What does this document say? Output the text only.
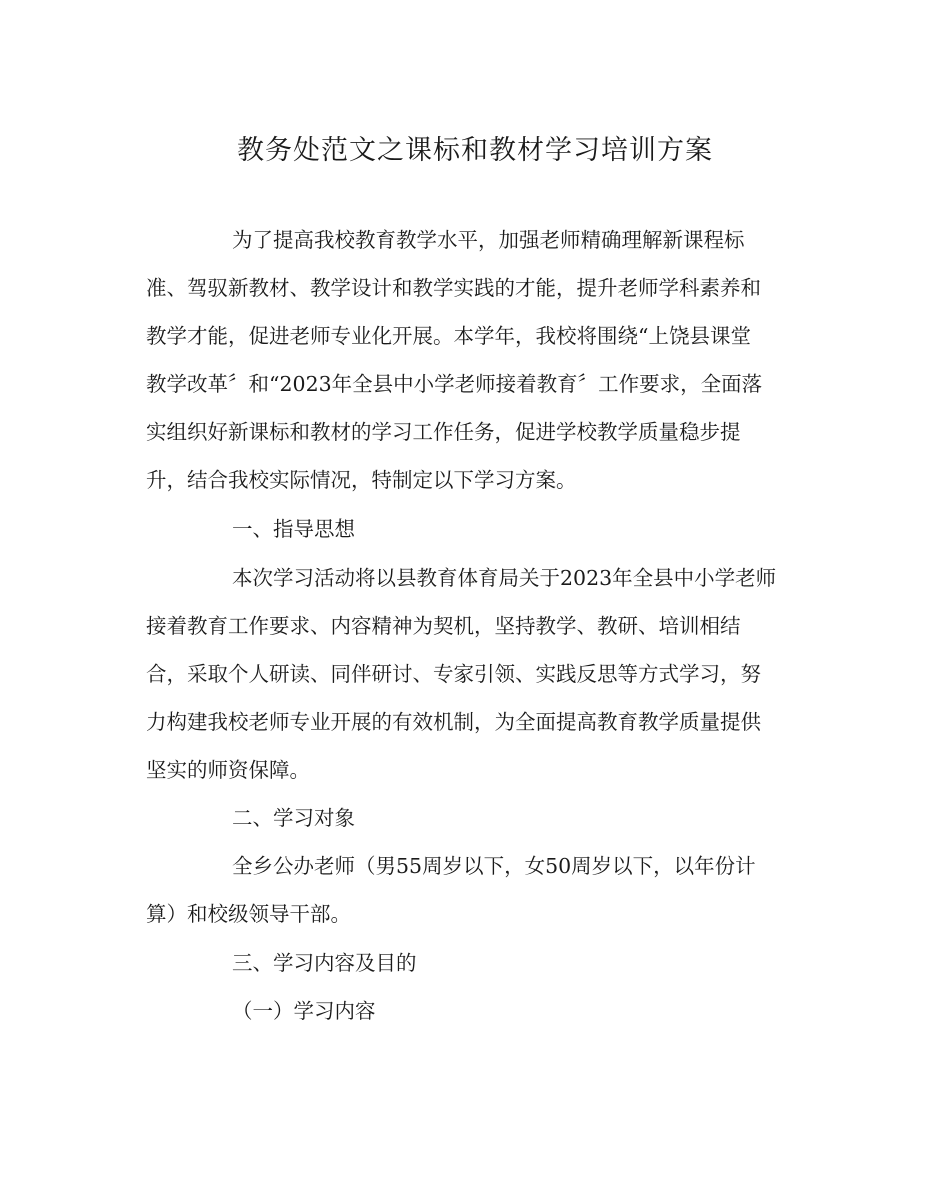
教务处范文之课标和教材学习培训方案

为了提高我校教育教学水平，加强老师精确理解新课程标

准、驾驭新教材、教学设计和教学实践的才能，提升老师学科素养和

教学才能，促进老师专业化开展。本学年，我校将围绕“上饶县课堂

教学改革〞和“2023年全县中小学老师接着教育〞工作要求，全面落

实组织好新课标和教材的学习工作任务，促进学校教学质量稳步提

升，结合我校实际情况，特制定以下学习方案。

一、指导思想

本次学习活动将以县教育体育局关于2023年全县中小学老师

接着教育工作要求、内容精神为契机，坚持教学、教研、培训相结

合，采取个人研读、同伴研讨、专家引领、实践反思等方式学习，努

力构建我校老师专业开展的有效机制，为全面提高教育教学质量提供

坚实的师资保障。

二、学习对象

全乡公办老师（男55周岁以下，女50周岁以下，以年份计

算）和校级领导干部。

三、学习内容及目的

（一）学习内容
